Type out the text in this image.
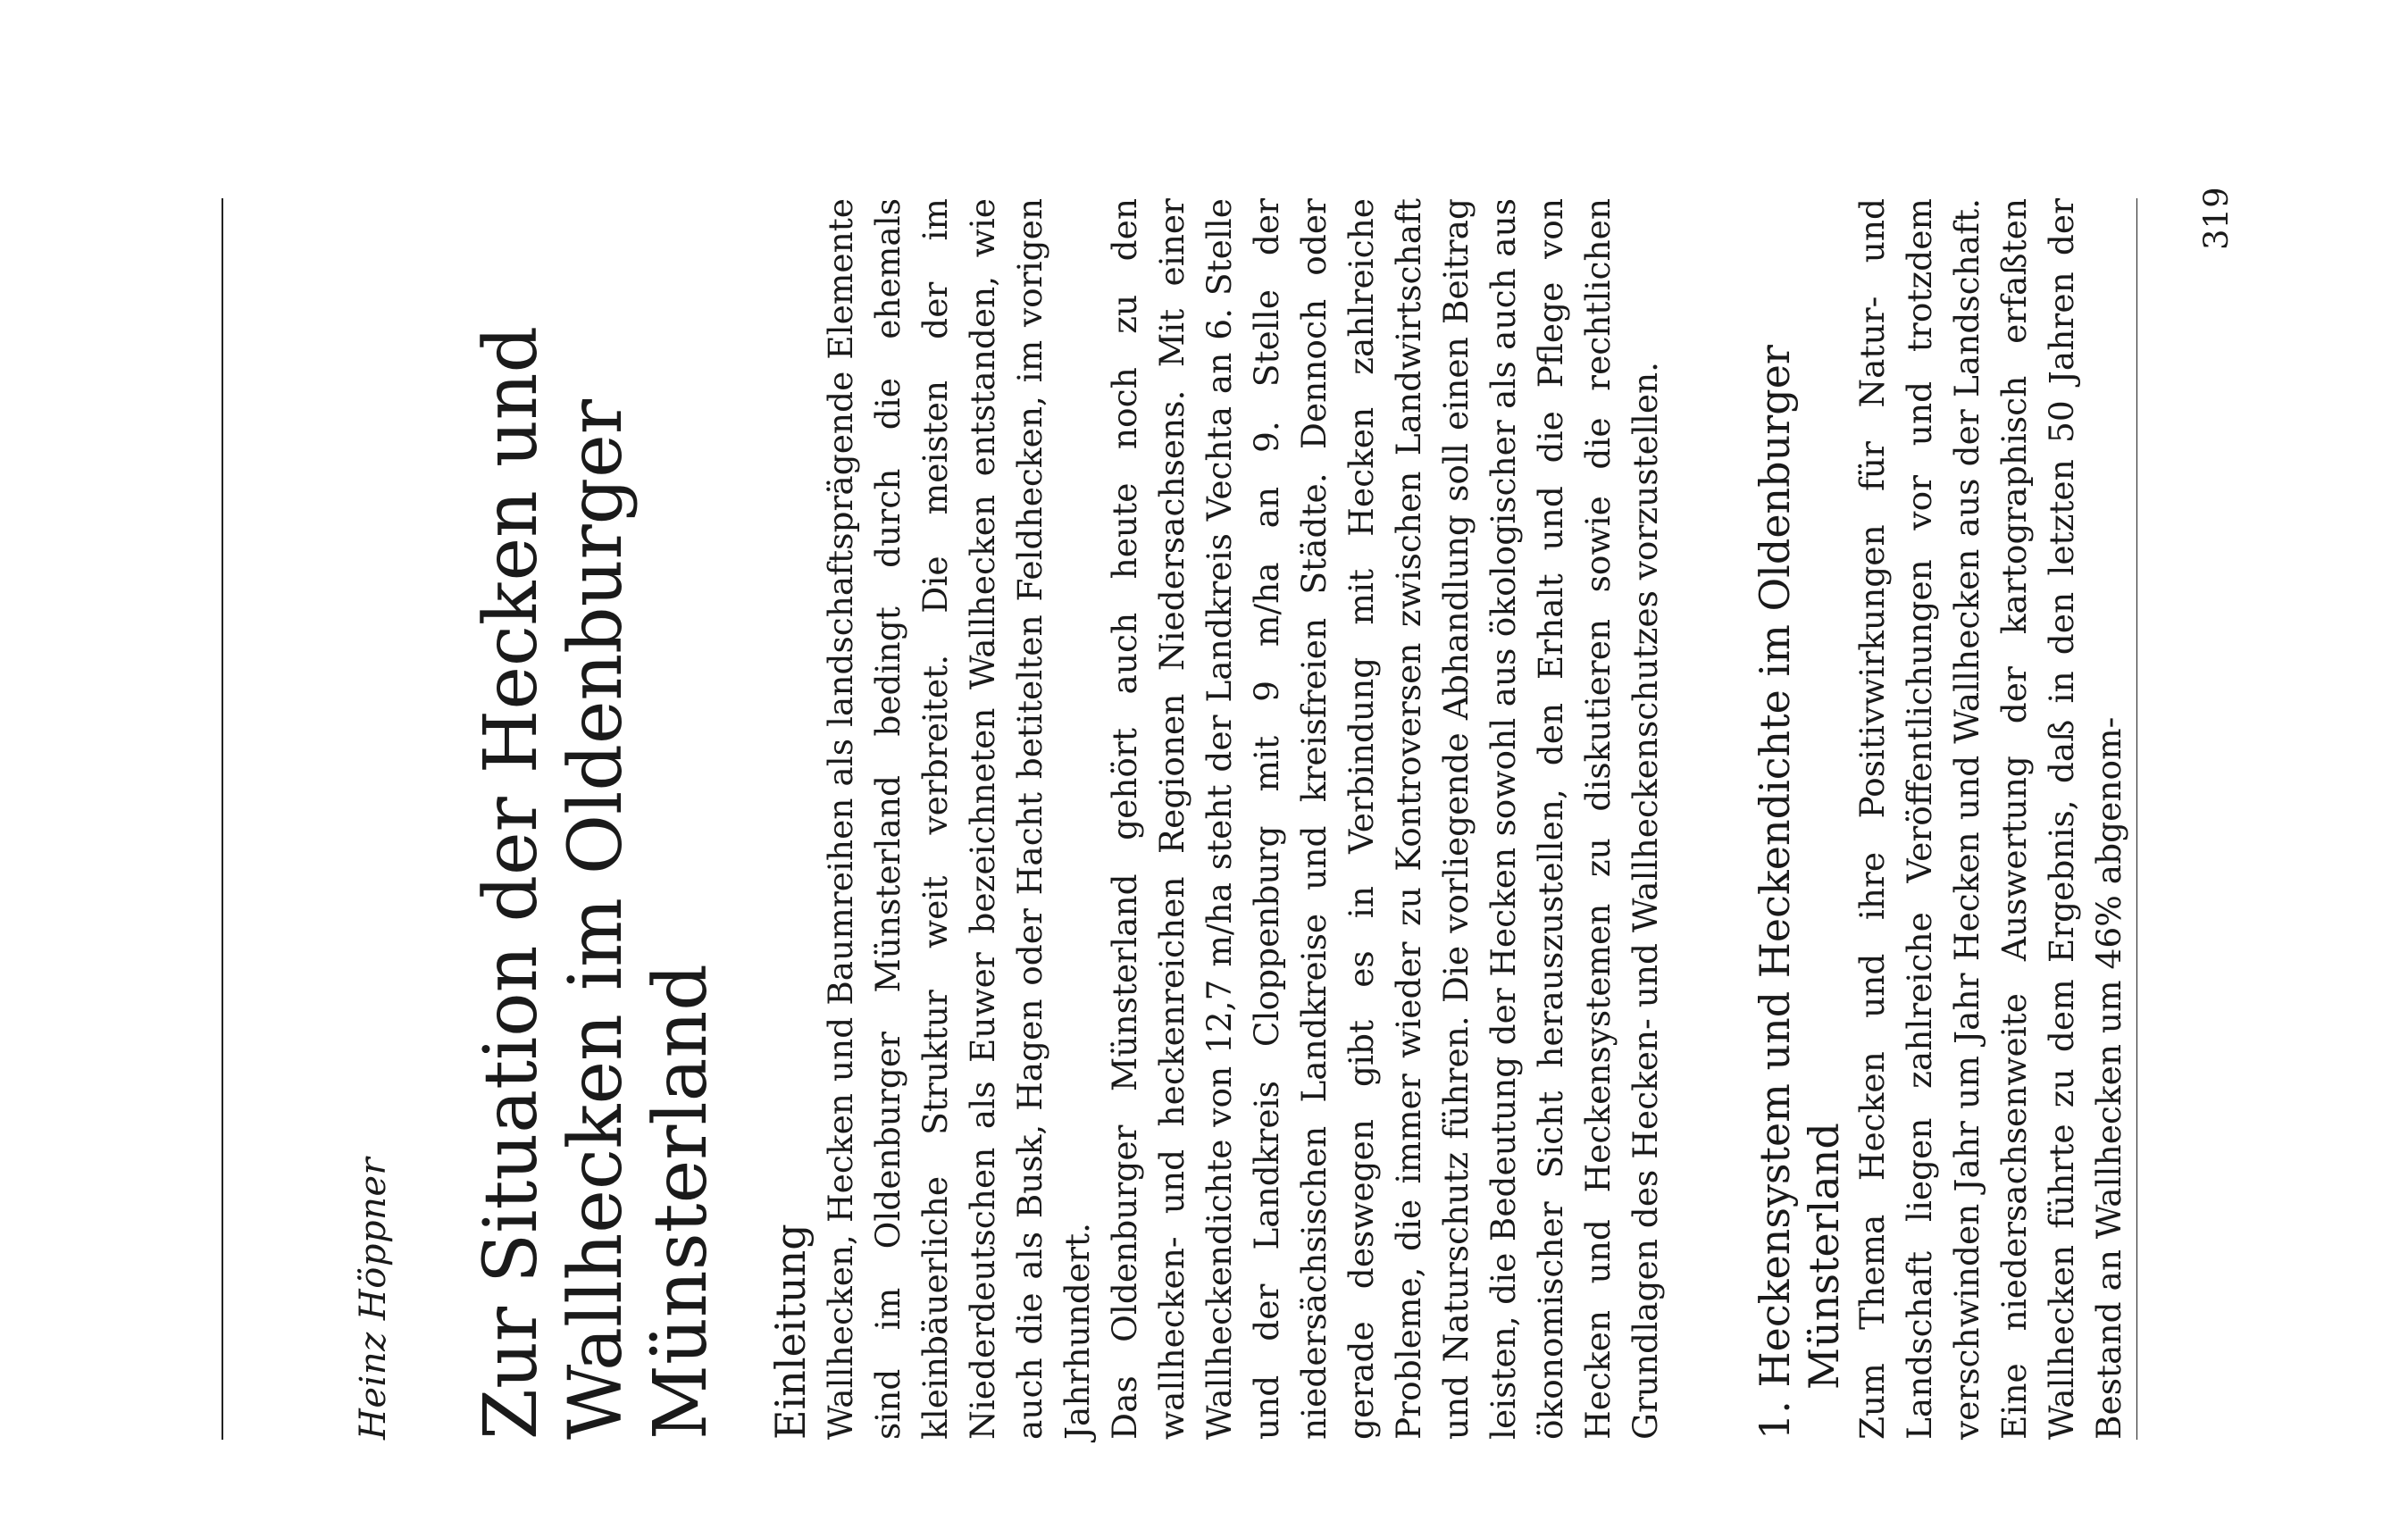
Heinz Höppner Zur Situation der Hecken und Wallhecken im Oldenburger Münsterland Einleitung Wallhecken, Hecken und Baumreihen als landschaftsprägende Elemente sind im Oldenburger Münsterland bedingt durch die ehemals kleinbäuerliche Struktur weit verbreitet. Die meisten der im Niederdeutschen als Euwer bezeichneten Wallhecken entstanden, wie auch die als Busk, Hagen oder Hacht betitelten Feldhecken, im vorigen Jahrhundert. Das Oldenburger Münsterland gehört auch heute noch zu den wallhecken- und heckenreichen Regionen Niedersachsens. Mit einer Wallheckendichte von 12,7 m/ha steht der Landkreis Vechta an 6. Stelle und der Landkreis Cloppenburg mit 9 m/ha an 9. Stelle der niedersächsischen Landkreise und kreisfreien Städte. Dennoch oder gerade deswegen gibt es in Verbindung mit Hecken zahlreiche Probleme, die immer wieder zu Kontroversen zwischen Landwirtschaft und Naturschutz führen. Die vorliegende Abhandlung soll einen Beitrag leisten, die Bedeutung der Hecken sowohl aus ökologischer als auch aus ökonomischer Sicht herauszustellen, den Erhalt und die Pflege von Hecken und Heckensystemen zu diskutieren sowie die rechtlichen Grundlagen des Hecken- und Wallheckenschutzes vorzustellen. 1. Heckensystem und Heckendichte im Oldenburger Münsterland Zum Thema Hecken und ihre Positivwirkungen für Natur- und Landschaft liegen zahlreiche Veröffentlichungen vor und trotzdem verschwinden Jahr um Jahr Hecken und Wallhecken aus der Landschaft. Eine niedersachsenweite Auswertung der kartographisch erfaßten Wallhecken führte zu dem Ergebnis, daß in den letzten 50 Jahren der Bestand an Wallhecken um 46% abgenom-

319
